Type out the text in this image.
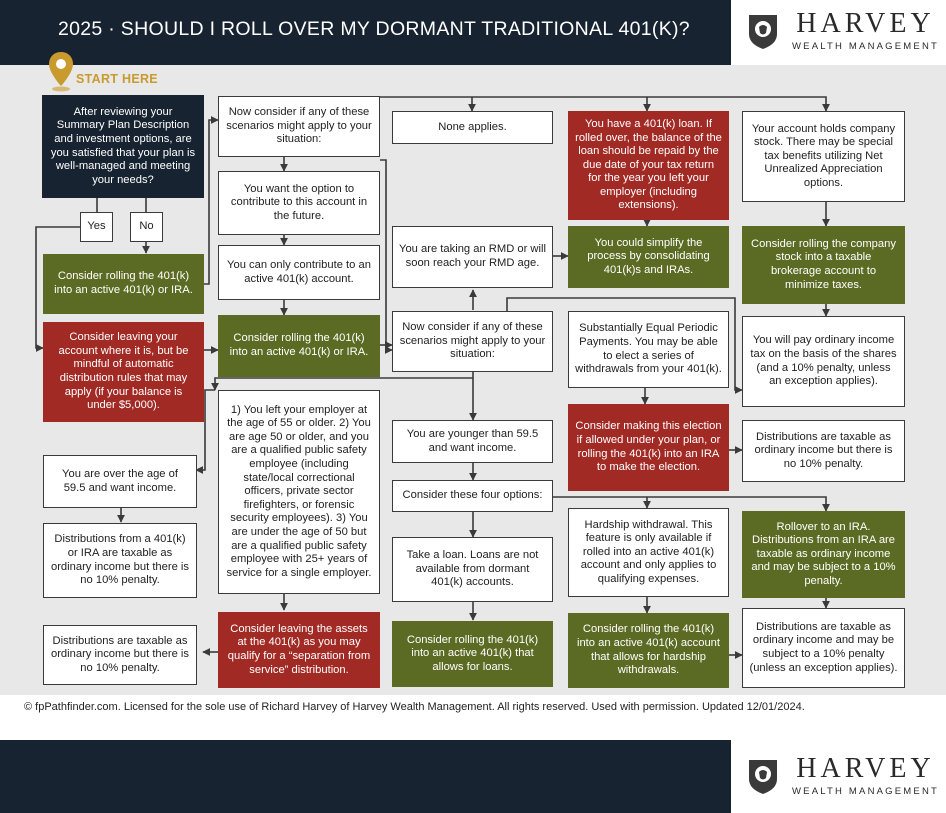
2025 · SHOULD I ROLL OVER MY DORMANT TRADITIONAL 401(K)?	HARVEY
WEALTH MANAGEMENT
START HERE
After reviewing your Summary Plan Description and investment options, are you satisfied that your plan is well-managed and meeting your needs?
Yes	No
Consider rolling the 401(k) into an active 401(k) or IRA.
Consider leaving your account where it is, but be mindful of automatic distribution rules that may apply (if your balance is under $5,000).
You are over the age of 59.5 and want income.
Distributions from a 401(k) or IRA are taxable as ordinary income but there is no 10% penalty.
Distributions are taxable as ordinary income but there is no 10% penalty.
Now consider if any of these scenarios might apply to your situation:
You want the option to contribute to this account in the future.
You can only contribute to an active 401(k) account.
Consider rolling the 401(k) into an active 401(k) or IRA.
1) You left your employer at the age of 55 or older. 2) You are age 50 or older, and you are a qualified public safety employee (including state/local correctional officers, private sector firefighters, or forensic security employees). 3) You are under the age of 50 but are a qualified public safety employee with 25+ years of service for a single employer.
Consider leaving the assets at the 401(k) as you may qualify for a “separation from service” distribution.
None applies.
You are taking an RMD or will soon reach your RMD age.
Now consider if any of these scenarios might apply to your situation:
You are younger than 59.5 and want income.
Consider these four options:
Take a loan. Loans are not available from dormant 401(k) accounts.
Consider rolling the 401(k) into an active 401(k) that allows for loans.
You have a 401(k) loan. If rolled over, the balance of the loan should be repaid by the due date of your tax return for the year you left your employer (including extensions).
You could simplify the process by consolidating 401(k)s and IRAs.
Substantially Equal Periodic Payments. You may be able to elect a series of withdrawals from your 401(k).
Consider making this election if allowed under your plan, or rolling the 401(k) into an IRA to make the election.
Hardship withdrawal. This feature is only available if rolled into an active 401(k) account and only applies to qualifying expenses.
Consider rolling the 401(k) into an active 401(k) account that allows for hardship withdrawals.
Your account holds company stock. There may be special tax benefits utilizing Net Unrealized Appreciation options.
Consider rolling the company stock into a taxable brokerage account to minimize taxes.
You will pay ordinary income tax on the basis of the shares (and a 10% penalty, unless an exception applies).
Distributions are taxable as ordinary income but there is no 10% penalty.
Rollover to an IRA. Distributions from an IRA are taxable as ordinary income and may be subject to a 10% penalty.
Distributions are taxable as ordinary income and may be subject to a 10% penalty (unless an exception applies).
© fpPathfinder.com. Licensed for the sole use of Richard Harvey of Harvey Wealth Management. All rights reserved. Used with permission. Updated 12/01/2024.
HARVEY
WEALTH MANAGEMENT
